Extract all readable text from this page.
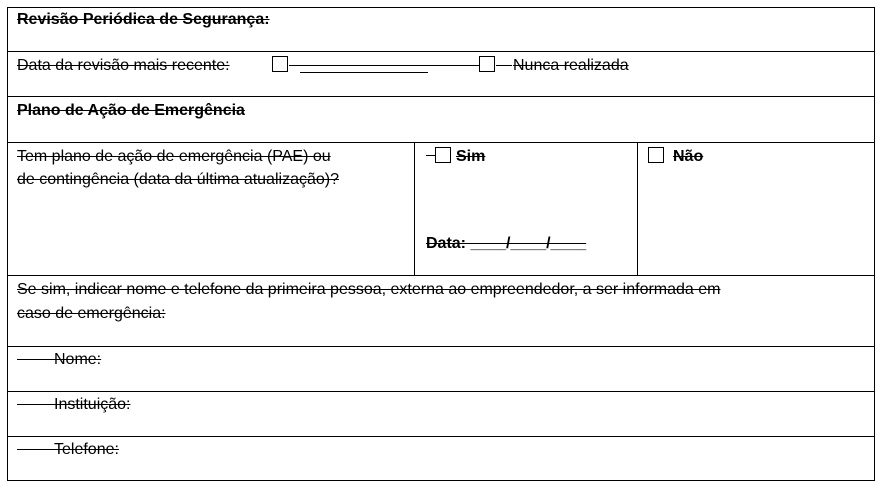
Revisão Periódica de Segurança:
Data da revisão mais recente:	Nunca realizada
Plano de Ação de Emergência
Tem plano de ação de emergência (PAE) ou
de contingência (data da última atualização)?
Sim
Data: ____/____/____
Não
Se sim, indicar nome e telefone da primeira pessoa, externa ao empreendedor, a ser informada em
caso de emergência:
Nome:
Instituição:
Telefone:
